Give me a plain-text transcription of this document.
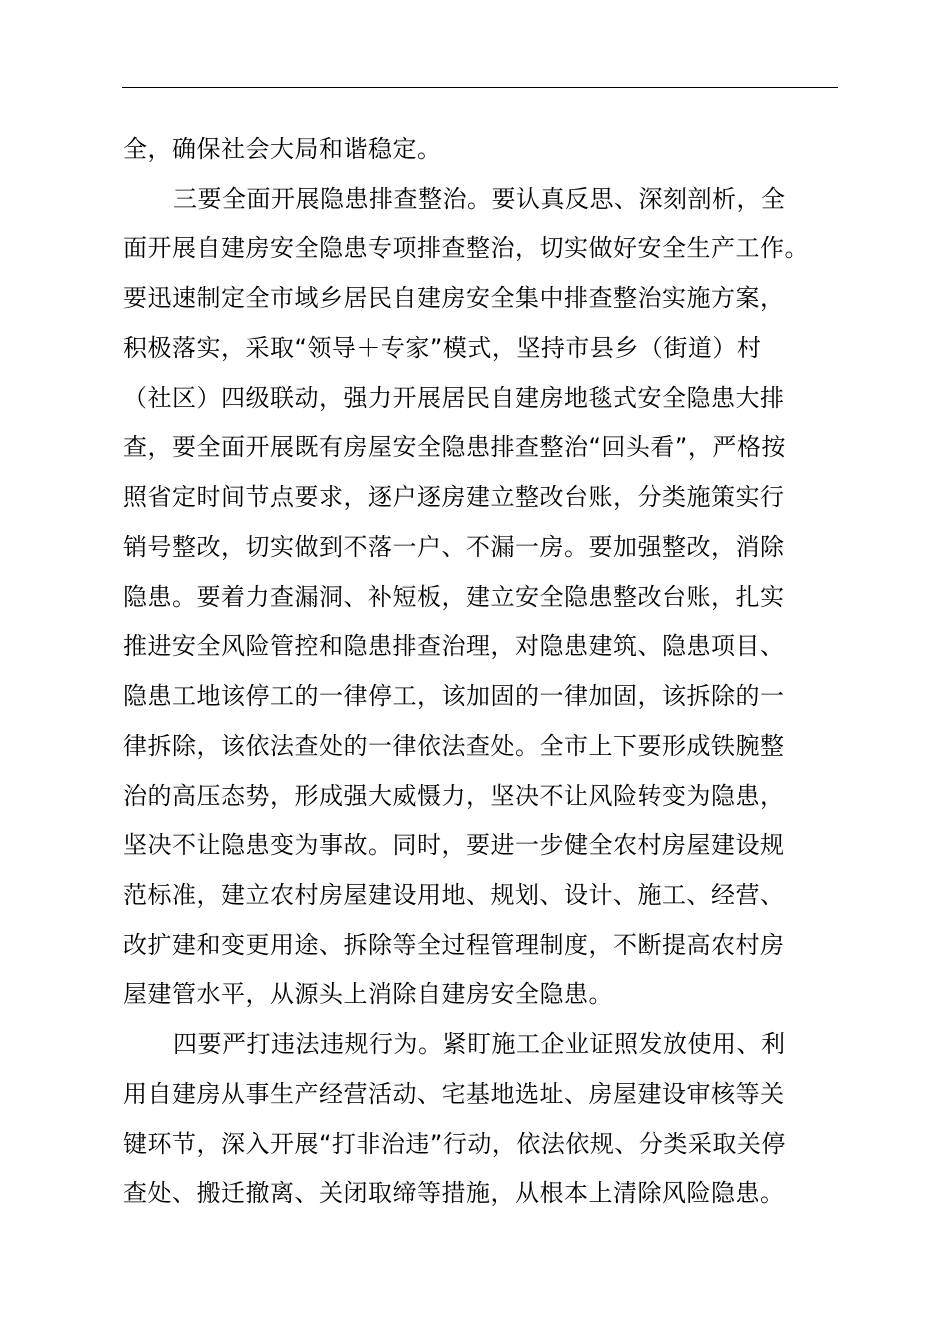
全，确保社会大局和谐稳定。
三要全面开展隐患排查整治。要认真反思、深刻剖析，全
面开展自建房安全隐患专项排查整治，切实做好安全生产工作。
要迅速制定全市域乡居民自建房安全集中排查整治实施方案，
积极落实，采取“领导＋专家”模式，坚持市县乡（街道）村
（社区）四级联动，强力开展居民自建房地毯式安全隐患大排
查，要全面开展既有房屋安全隐患排查整治“回头看”，严格按
照省定时间节点要求，逐户逐房建立整改台账，分类施策实行
销号整改，切实做到不落一户、不漏一房。要加强整改，消除
隐患。要着力查漏洞、补短板，建立安全隐患整改台账，扎实
推进安全风险管控和隐患排查治理，对隐患建筑、隐患项目、
隐患工地该停工的一律停工，该加固的一律加固，该拆除的一
律拆除，该依法查处的一律依法查处。全市上下要形成铁腕整
治的高压态势，形成强大威慑力，坚决不让风险转变为隐患，
坚决不让隐患变为事故。同时，要进一步健全农村房屋建设规
范标准，建立农村房屋建设用地、规划、设计、施工、经营、
改扩建和变更用途、拆除等全过程管理制度，不断提高农村房
屋建管水平，从源头上消除自建房安全隐患。
四要严打违法违规行为。紧盯施工企业证照发放使用、利
用自建房从事生产经营活动、宅基地选址、房屋建设审核等关
键环节，深入开展“打非治违”行动，依法依规、分类采取关停
查处、搬迁撤离、关闭取缔等措施，从根本上清除风险隐患。
